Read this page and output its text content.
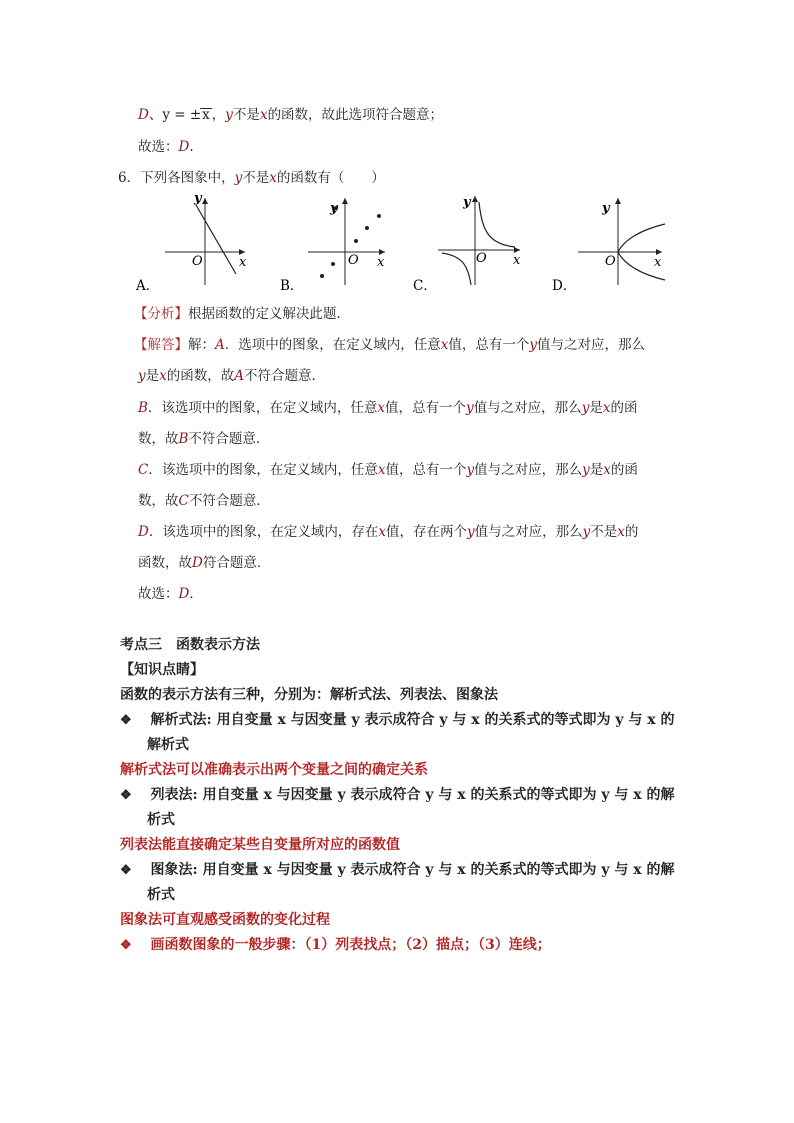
D、y = ±x ，y不是x的函数，故此选项符合题意；
故选：D.
6．下列各图象中，y不是x的函数有（　　）
y
x
O
A．
y
x
O
B．
y
x
O
C．
y
x
O
D．
【分析】根据函数的定义解决此题．
【解答】解：A．选项中的图象，在定义域内，任意x值，总有一个y值与之对应，那么
y是x的函数，故A不符合题意．
B．该选项中的图象，在定义域内，任意x值，总有一个y值与之对应，那么y是x的函
数，故B不符合题意．
C．该选项中的图象，在定义域内，任意x值，总有一个y值与之对应，那么y是x的函
数，故C不符合题意．
D．该选项中的图象，在定义域内，存在x值，存在两个y值与之对应，那么y不是x的
函数，故D符合题意．
故选：D．
考点三　函数表示方法
【知识点睛】
函数的表示方法有三种，分别为：解析式法、列表法、图象法
❖ 解析式法: 用自变量 x 与因变量 y 表示成符合 y 与 x 的关系式的等式即为 y 与 x 的
解析式
解析式法可以准确表示出两个变量之间的确定关系
❖ 列表法: 用自变量 x 与因变量 y 表示成符合 y 与 x 的关系式的等式即为 y 与 x 的解
析式
列表法能直接确定某些自变量所对应的函数值
❖ 图象法: 用自变量 x 与因变量 y 表示成符合 y 与 x 的关系式的等式即为 y 与 x 的解
析式
图象法可直观感受函数的变化过程
❖ 画函数图象的一般步骤：（1）列表找点；（2）描点；（3）连线；
